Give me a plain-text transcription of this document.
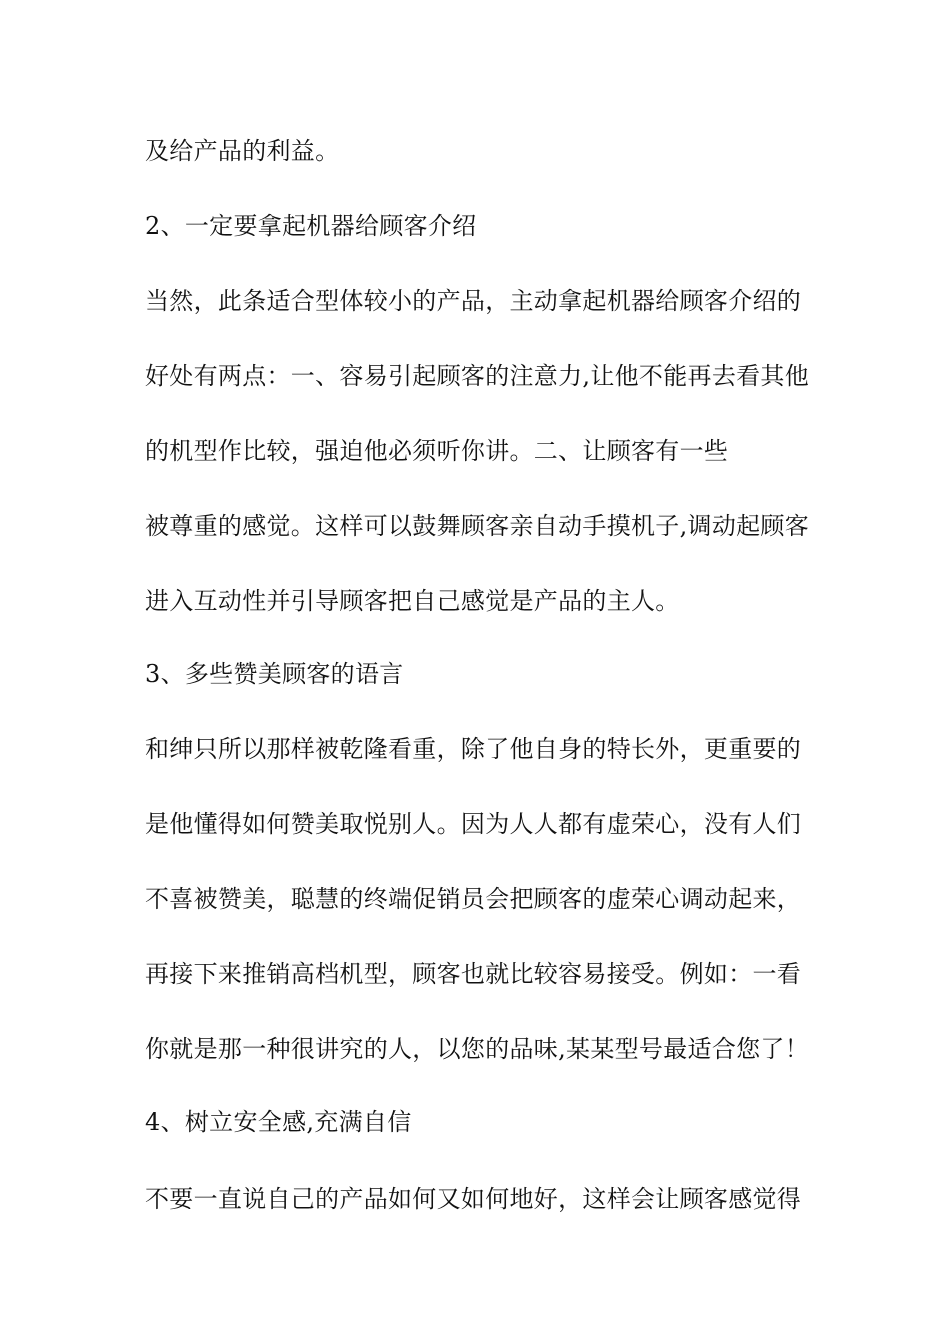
及给产品的利益。

2、一定要拿起机器给顾客介绍

当然，此条适合型体较小的产品，主动拿起机器给顾客介绍的

好处有两点：一、容易引起顾客的注意力,让他不能再去看其他

的机型作比较，强迫他必须听你讲。二、让顾客有一些

被尊重的感觉。这样可以鼓舞顾客亲自动手摸机子,调动起顾客

进入互动性并引导顾客把自己感觉是产品的主人。

3、多些赞美顾客的语言

和绅只所以那样被乾隆看重，除了他自身的特长外，更重要的

是他懂得如何赞美取悦别人。因为人人都有虚荣心，没有人们

不喜被赞美，聪慧的终端促销员会把顾客的虚荣心调动起来，

再接下来推销高档机型，顾客也就比较容易接受。例如：一看

你就是那一种很讲究的人，以您的品味,某某型号最适合您了！

4、树立安全感,充满自信

不要一直说自己的产品如何又如何地好，这样会让顾客感觉得
